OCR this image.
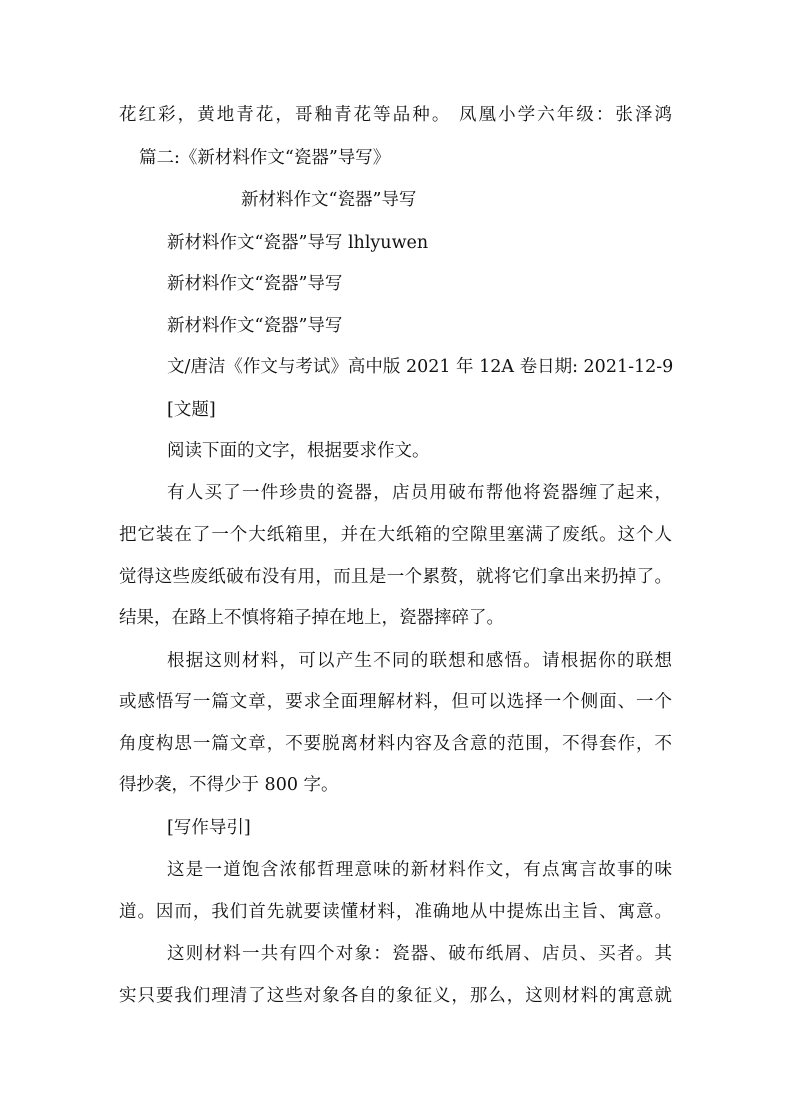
花红彩，黄地青花，哥釉青花等品种。 凤凰小学六年级：张泽鸿

篇二:《新材料作文“瓷器”导写》

新材料作文“瓷器”导写

新材料作文“瓷器”导写 lhlyuwen

新材料作文“瓷器”导写

新材料作文“瓷器”导写

文/唐洁《作文与考试》高中版 2021 年 12A 卷日期: 2021-12-9

[文题]

阅读下面的文字，根据要求作文。

有人买了一件珍贵的瓷器，店员用破布帮他将瓷器缠了起来，

把它装在了一个大纸箱里，并在大纸箱的空隙里塞满了废纸。这个人

觉得这些废纸破布没有用，而且是一个累赘，就将它们拿出来扔掉了。

结果，在路上不慎将箱子掉在地上，瓷器摔碎了。

根据这则材料，可以产生不同的联想和感悟。请根据你的联想

或感悟写一篇文章，要求全面理解材料，但可以选择一个侧面、一个

角度构思一篇文章，不要脱离材料内容及含意的范围，不得套作，不

得抄袭，不得少于 800 字。

[写作导引]

这是一道饱含浓郁哲理意味的新材料作文，有点寓言故事的味

道。因而，我们首先就要读懂材料，准确地从中提炼出主旨、寓意。

这则材料一共有四个对象：瓷器、破布纸屑、店员、买者。其

实只要我们理清了这些对象各自的象征义，那么，这则材料的寓意就
